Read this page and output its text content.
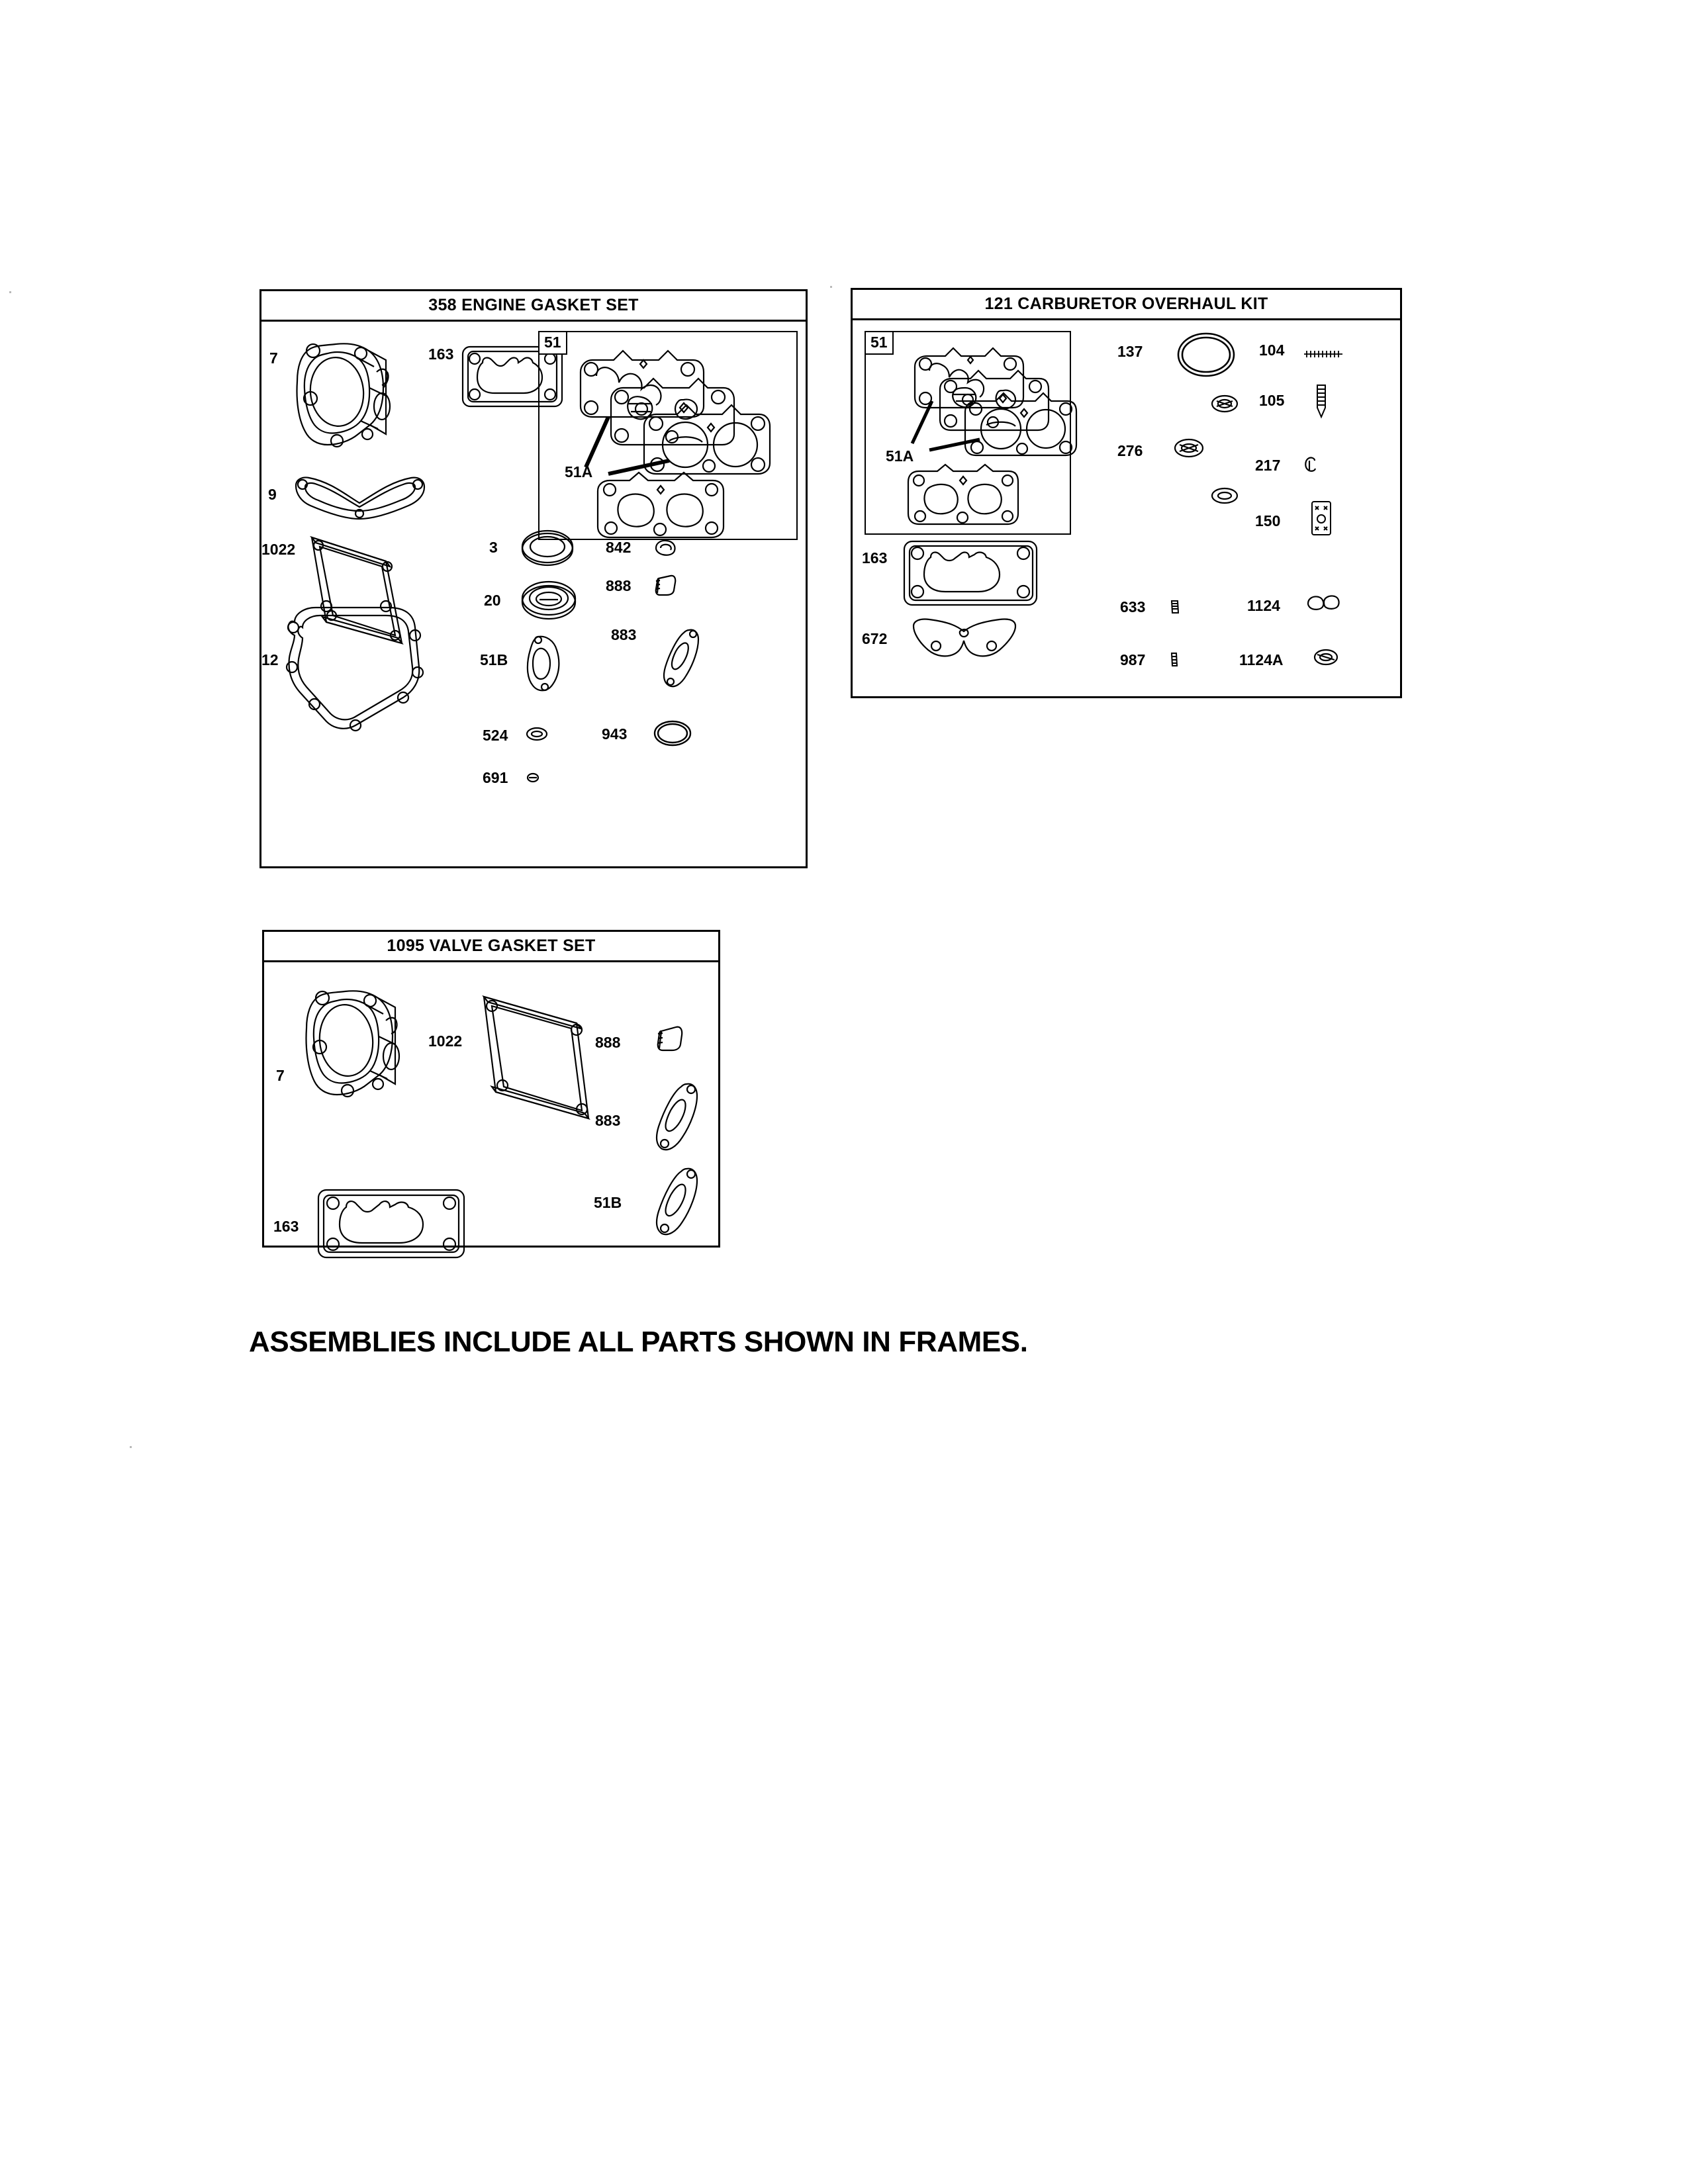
358 ENGINE GASKET SET
7	163
51
51A
9
1022
12
3
20
51B
524
691
842
888
883
943
121 CARBURETOR OVERHAUL KIT
51
51A
137
276
163
672
633
987
104
105
217
150
1124
1124A
1095 VALVE GASKET SET
7
1022	888
883
51B
163
ASSEMBLIES INCLUDE ALL PARTS SHOWN IN FRAMES.
